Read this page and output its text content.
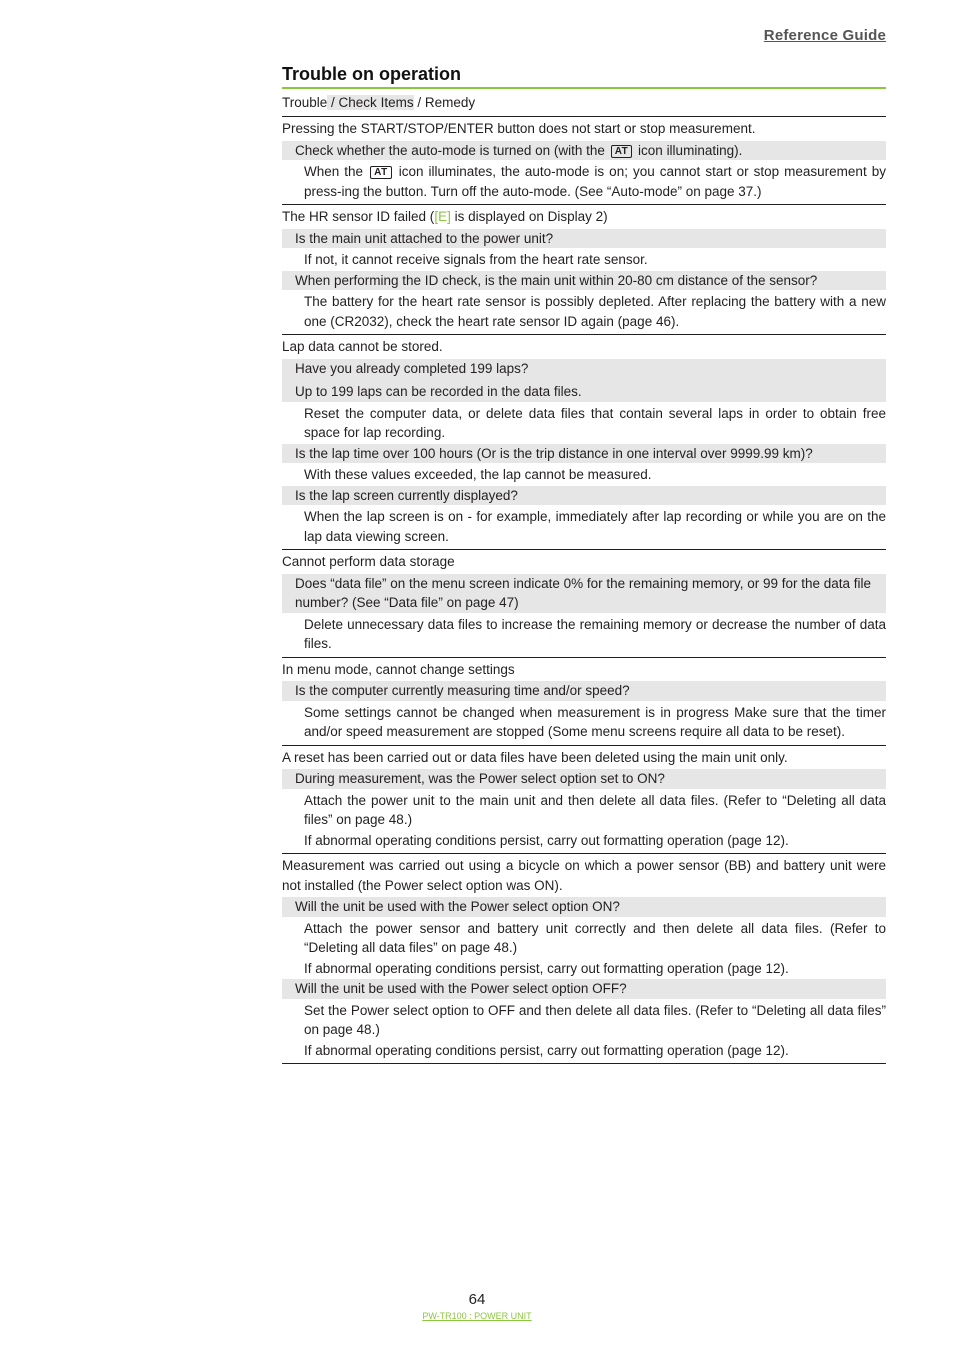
Reference Guide
Trouble on operation
Trouble / Check Items / Remedy
Pressing the START/STOP/ENTER button does not start or stop measurement.
Check whether the auto-mode is turned on (with the AT icon illuminating).
When the AT icon illuminates, the auto-mode is on; you cannot start or stop measurement by press-ing the button. Turn off the auto-mode. (See “Auto-mode” on page 37.)
The HR sensor ID failed ([E] is displayed on Display 2)
Is the main unit attached to the power unit?
If not, it cannot receive signals from the heart rate sensor.
When performing the ID check, is the main unit within 20-80 cm distance of the sensor?
The battery for the heart rate sensor is possibly depleted. After replacing the battery with a new one (CR2032), check the heart rate sensor ID again (page 46).
Lap data cannot be stored.
Have you already completed 199 laps?
Up to 199 laps can be recorded in the data files.
Reset the computer data, or delete data files that contain several laps in order to obtain free space for lap recording.
Is the lap time over 100 hours (Or is the trip distance in one interval over 9999.99 km)?
With these values exceeded, the lap cannot be measured.
Is the lap screen currently displayed?
When the lap screen is on - for example, immediately after lap recording or while you are on the lap data viewing screen.
Cannot perform data storage
Does “data file” on the menu screen indicate 0% for the remaining memory, or 99 for the data file number? (See “Data file” on page 47)
Delete unnecessary data files to increase the remaining memory or decrease the number of data files.
In menu mode, cannot change settings
Is the computer currently measuring time and/or speed?
Some settings cannot be changed when measurement is in progress Make sure that the timer and/or speed measurement are stopped (Some menu screens require all data to be reset).
A reset has been carried out or data files have been deleted using the main unit only.
During measurement, was the Power select option set to ON?
Attach the power unit to the main unit and then delete all data files. (Refer to “Deleting all data files” on page 48.)
If abnormal operating conditions persist, carry out formatting operation (page 12).
Measurement was carried out using a bicycle on which a power sensor (BB) and battery unit were not installed (the Power select option was ON).
Will the unit be used with the Power select option ON?
Attach the power sensor and battery unit correctly and then delete all data files. (Refer to “Deleting all data files” on page 48.)
If abnormal operating conditions persist, carry out formatting operation (page 12).
Will the unit be used with the Power select option OFF?
Set the Power select option to OFF and then delete all data files. (Refer to “Deleting all data files” on page 48.)
If abnormal operating conditions persist, carry out formatting operation (page 12).
64
PW-TR100 : POWER UNIT
